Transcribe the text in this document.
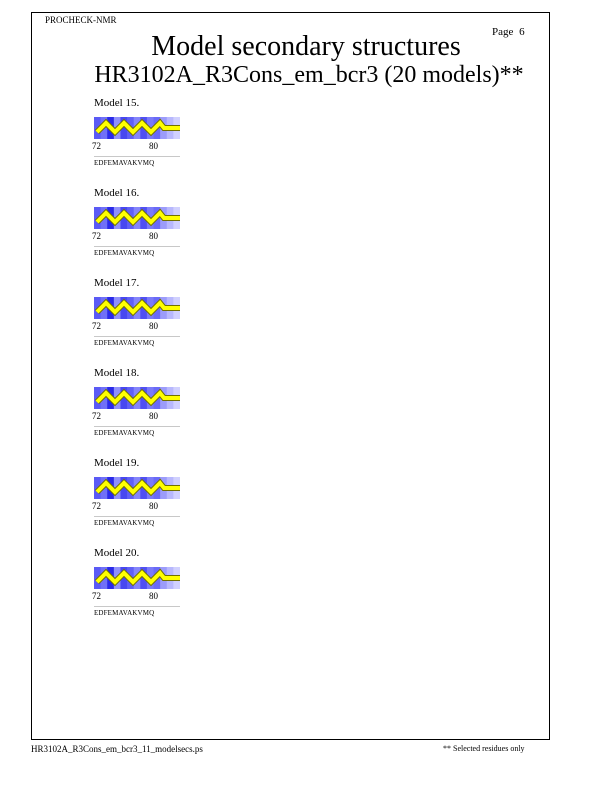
PROCHECK-NMR
Page 6
Model secondary structures
HR3102A_R3Cons_em_bcr3 (20 models)**
Model 15.
72	80
EDFEMAVAKVMQ
Model 16.
72	80
EDFEMAVAKVMQ
Model 17.
72	80
EDFEMAVAKVMQ
Model 18.
72	80
EDFEMAVAKVMQ
Model 19.
72	80
EDFEMAVAKVMQ
Model 20.
72	80
EDFEMAVAKVMQ
HR3102A_R3Cons_em_bcr3_11_modelsecs.ps	** Selected residues only
